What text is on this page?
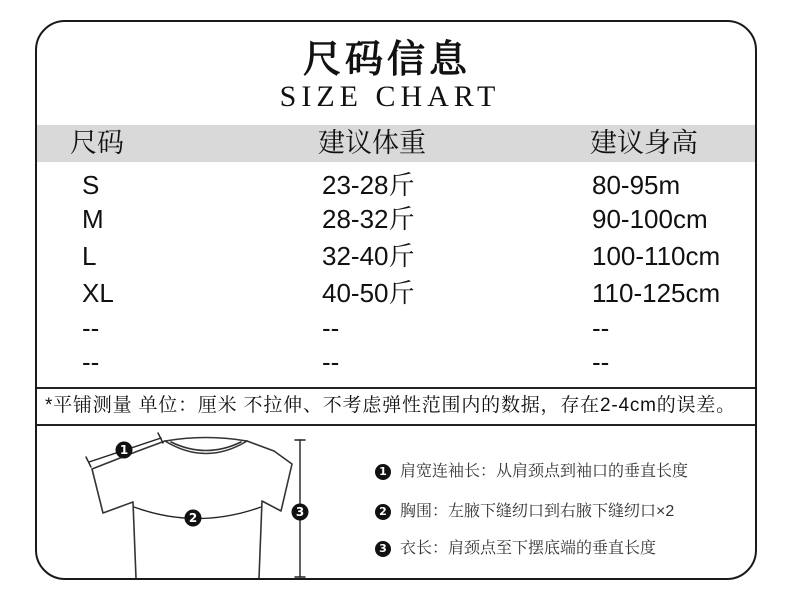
尺码信息
SIZE CHART
尺码	建议体重	建议身高
S	23-28斤	80-95m
M	28-32斤	90-100cm
L	32-40斤	100-110cm
XL	40-50斤	110-125cm
--	--	--
--	--	--
*平铺测量 单位：厘米 不拉伸、不考虑弹性范围内的数据，存在2-4cm的误差。
1
2	3
1 肩宽连袖长：从肩颈点到袖口的垂直长度
2 胸围：左腋下缝纫口到右腋下缝纫口×2
3 衣长：肩颈点至下摆底端的垂直长度
